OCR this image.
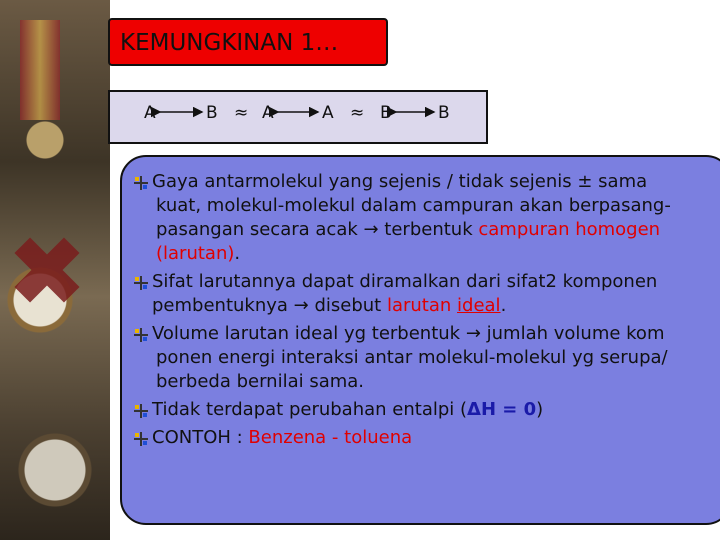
KEMUNGKINAN 1…
A	B ≈ A	A ≈ B	B
Gaya antarmolekul yang sejenis / tidak sejenis ± sama
kuat, molekul-molekul dalam campuran akan berpasang-
pasangan secara acak → terbentuk campuran homogen
(larutan).
Sifat larutannya dapat diramalkan dari sifat2 komponen
pembentuknya → disebut larutan ideal.
Volume larutan ideal yg terbentuk → jumlah volume kom
ponen energi interaksi antar molekul-molekul yg serupa/
berbeda bernilai sama.
Tidak terdapat perubahan entalpi (ΔH = 0)
CONTOH : Benzena - toluena
